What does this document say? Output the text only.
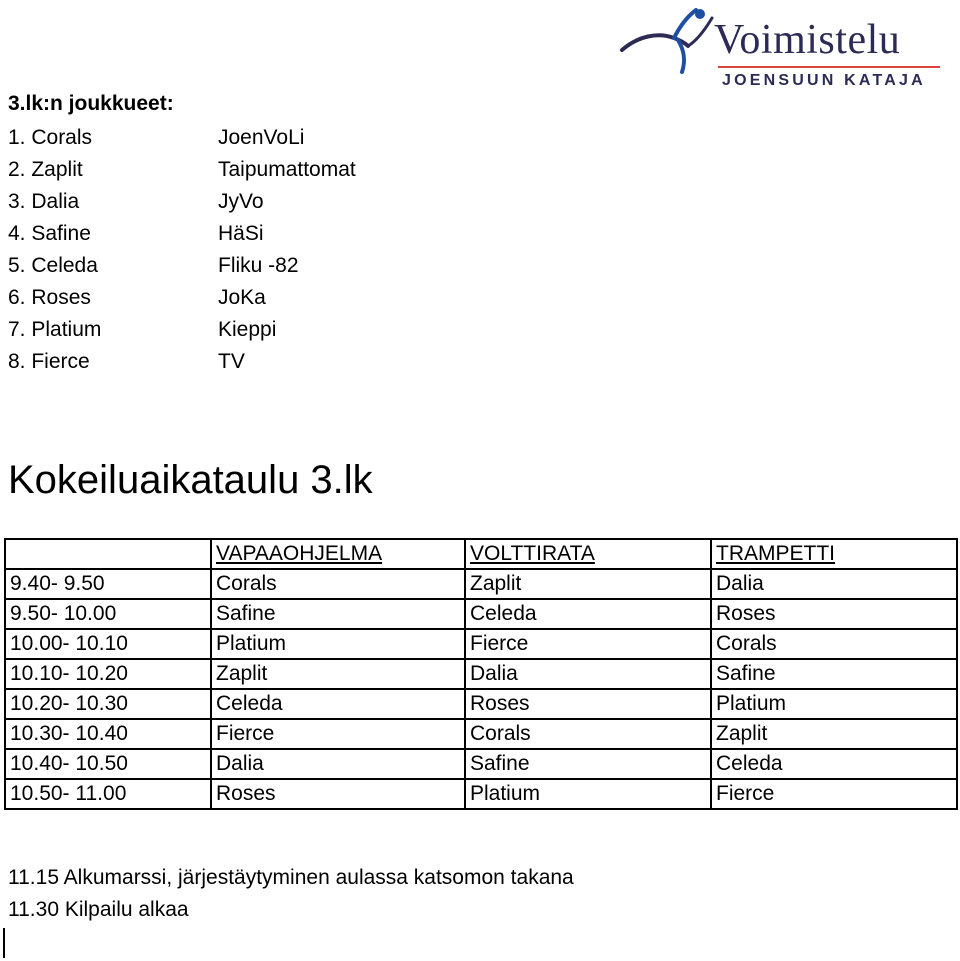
Voimistelu
JOENSUUN KATAJA
3.lk:n joukkueet:
1. Corals	JoenVoLi
2. Zaplit	Taipumattomat
3. Dalia	JyVo
4. Safine	HäSi
5. Celeda	Fliku -82
6. Roses	JoKa
7. Platium	Kieppi
8. Fierce	TV
Kokeiluaikataulu 3.lk
	VAPAAOHJELMA	VOLTTIRATA	TRAMPETTI
9.40- 9.50	Corals	Zaplit	Dalia
9.50- 10.00	Safine	Celeda	Roses
10.00- 10.10	Platium	Fierce	Corals
10.10- 10.20	Zaplit	Dalia	Safine
10.20- 10.30	Celeda	Roses	Platium
10.30- 10.40	Fierce	Corals	Zaplit
10.40- 10.50	Dalia	Safine	Celeda
10.50- 11.00	Roses	Platium	Fierce
11.15 Alkumarssi, järjestäytyminen aulassa katsomon takana
11.30 Kilpailu alkaa
